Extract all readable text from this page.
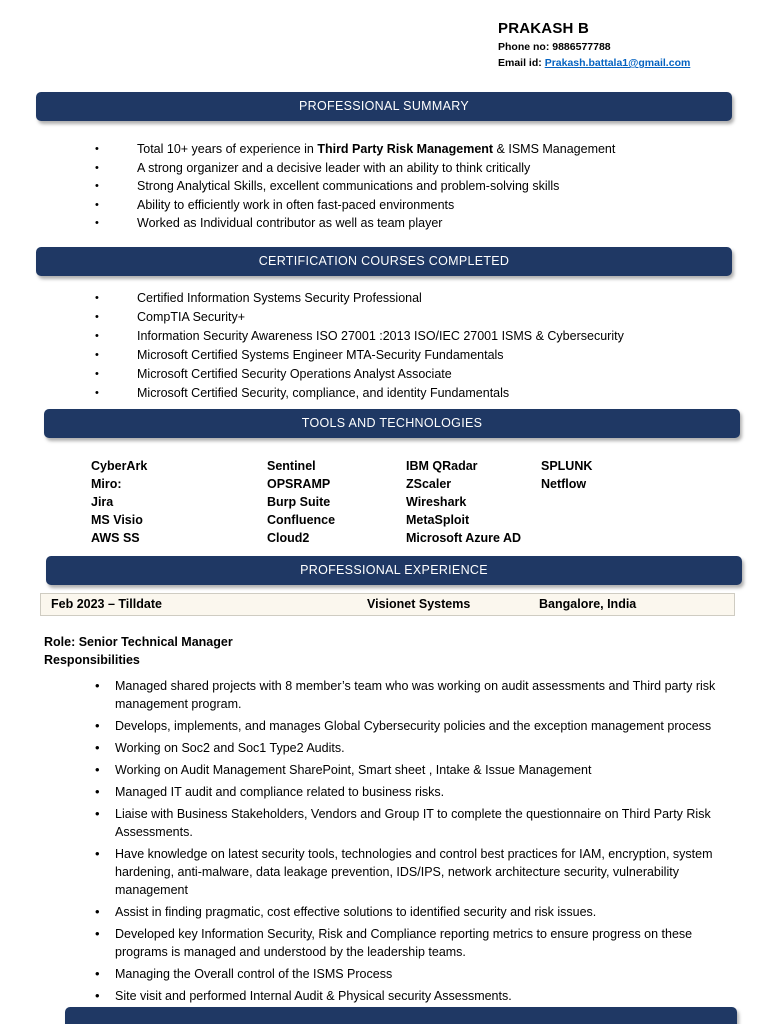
PRAKASH B
Phone no: 9886577788
Email id: Prakash.battala1@gmail.com
PROFESSIONAL SUMMARY
• Total 10+ years of experience in Third Party Risk Management & ISMS Management
• A strong organizer and a decisive leader with an ability to think critically
• Strong Analytical Skills, excellent communications and problem-solving skills
• Ability to efficiently work in often fast-paced environments
• Worked as Individual contributor as well as team player
CERTIFICATION COURSES COMPLETED
• Certified Information Systems Security Professional
• CompTIA Security+
• Information Security Awareness ISO 27001 :2013 ISO/IEC 27001 ISMS & Cybersecurity
• Microsoft Certified Systems Engineer MTA-Security Fundamentals
• Microsoft Certified Security Operations Analyst Associate
• Microsoft Certified Security, compliance, and identity Fundamentals
TOOLS AND TECHNOLOGIES
CyberArk
Miro:
Jira
MS Visio
AWS SS
Sentinel
OPSRAMP
Burp Suite
Confluence
Cloud2
IBM QRadar
ZScaler
Wireshark
MetaSploit
Microsoft Azure AD
SPLUNK
Netflow
PROFESSIONAL EXPERIENCE
Feb 2023 – Tilldate	Visionet Systems	Bangalore, India
Role: Senior Technical Manager
Responsibilities
• Managed shared projects with 8 member’s team who was working on audit assessments and Third party risk management program.
• Develops, implements, and manages Global Cybersecurity policies and the exception management process
• Working on Soc2 and Soc1 Type2 Audits.
• Working on Audit Management SharePoint, Smart sheet , Intake & Issue Management
• Managed IT audit and compliance related to business risks.
• Liaise with Business Stakeholders, Vendors and Group IT to complete the questionnaire on Third Party Risk Assessments.
• Have knowledge on latest security tools, technologies and control best practices for IAM, encryption, system hardening, anti-malware, data leakage prevention, IDS/IPS, network architecture security, vulnerability management
• Assist in finding pragmatic, cost effective solutions to identified security and risk issues.
• Developed key Information Security, Risk and Compliance reporting metrics to ensure progress on these programs is managed and understood by the leadership teams.
• Managing the Overall control of the ISMS Process
• Site visit and performed Internal Audit & Physical security Assessments.
